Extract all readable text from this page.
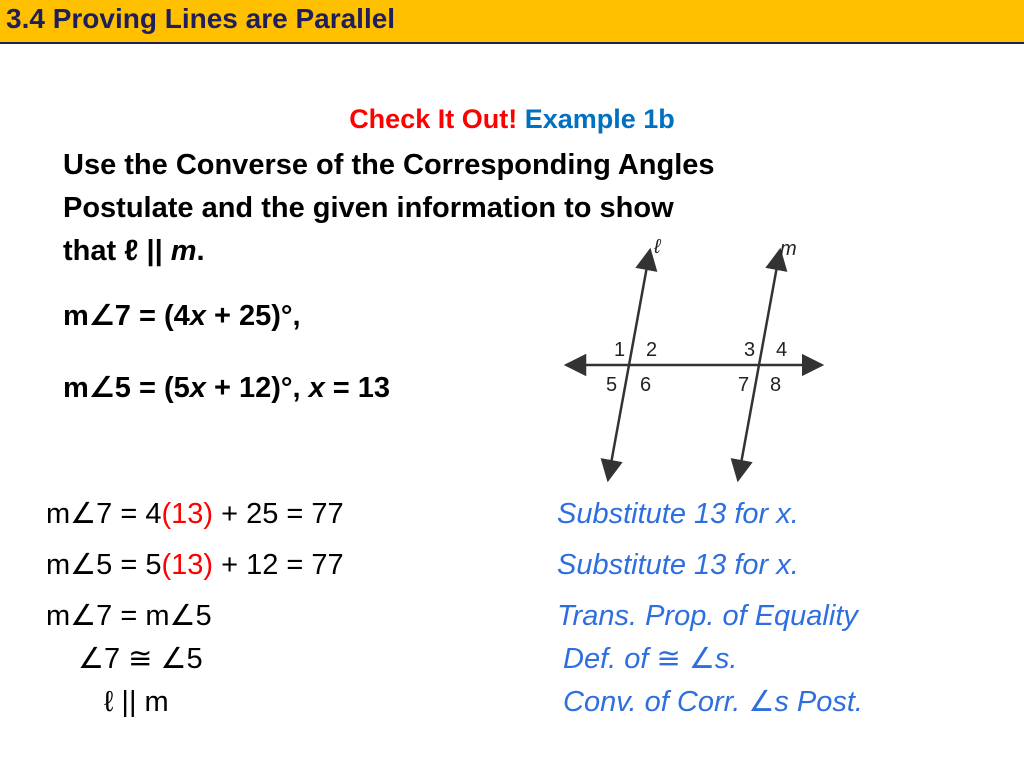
3.4 Proving Lines are Parallel
Check It Out! Example 1b
Use the Converse of the Corresponding Angles
Postulate and the given information to show
that ℓ || m.
m∠7 = (4x + 25)°,
m∠5 = (5x + 12)°, x = 13
ℓ	m
1 2	3 4
5 6	7 8
m∠7 = 4(13) + 25 = 77	Substitute 13 for x.
m∠5 = 5(13) + 12 = 77	Substitute 13 for x.
m∠7 = m∠5	Trans. Prop. of Equality
∠7 ≅ ∠5	Def. of ≅ ∠s.
ℓ || m	Conv. of Corr. ∠s Post.
